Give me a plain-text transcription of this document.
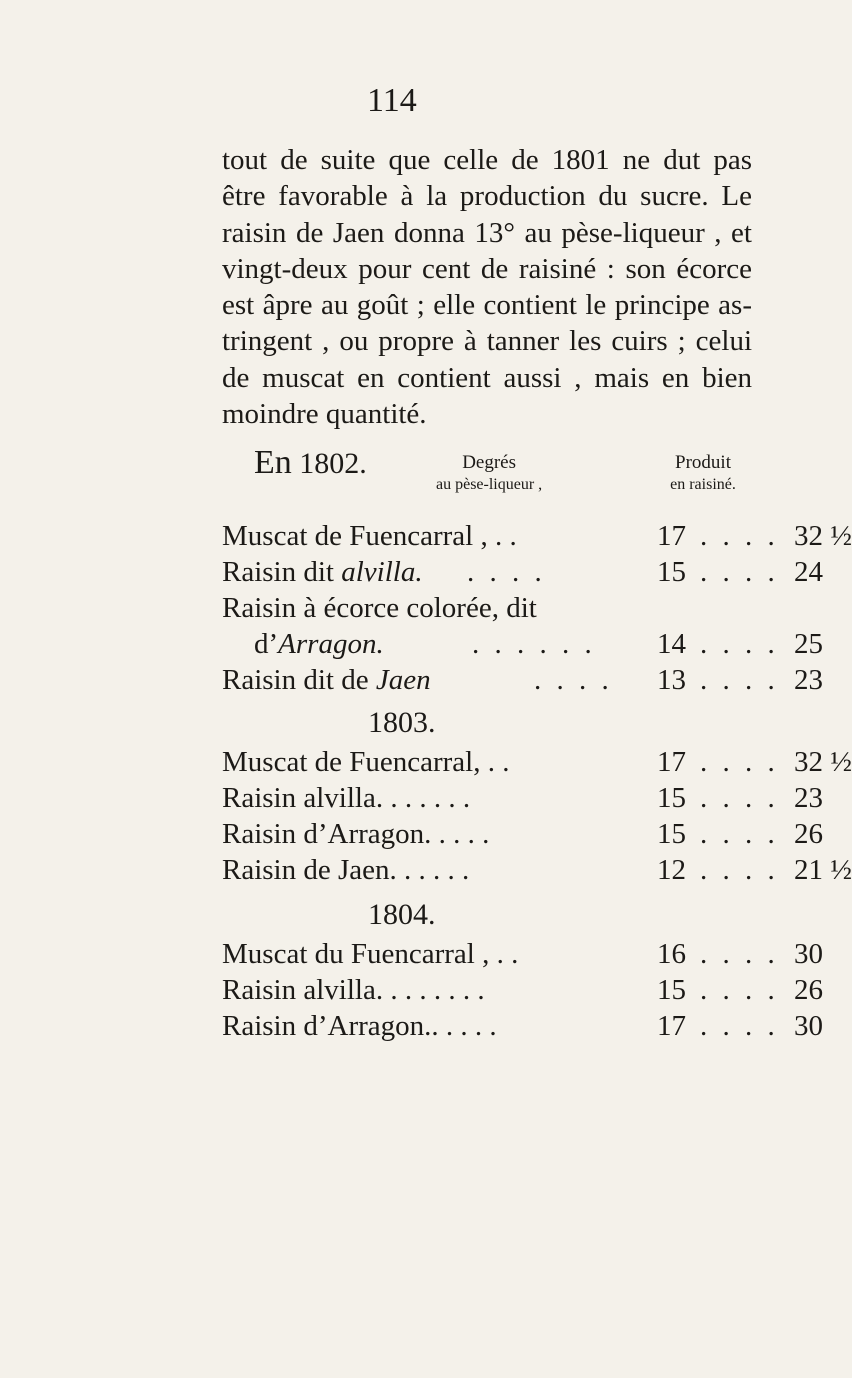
114
tout de suite que celle de 1801 ne dut pas
être favorable à la production du sucre. Le
raisin de Jaen donna 13° au pèse-liqueur , et
vingt-deux pour cent de raisiné : son écorce
est âpre au goût ; elle contient le principe as-
tringent , ou propre à tanner les cuirs ; celui
de muscat en contient aussi , mais en bien
moindre quantité.
En 1802.	Degrés
au pèse-liqueur ,
Produit
en raisiné.
Muscat de Fuencarral , . .	17 . . . . 32 ½
Raisin dit alvilla. . . . .	15 . . . . 24
Raisin à écorce colorée, dit
d’Arragon.	. . . . . . 14 . . . . 25
Raisin dit de Jaen	. . . . 13 . . . . 23
1803.
Muscat de Fuencarral, . .	17 . . . . 32 ½
Raisin alvilla. . . . . . .	15 . . . . 23
Raisin d’Arragon. . . . .	15 . . . . 26
Raisin de Jaen. . . . . .	12 . . . . 21 ½
1804.
Muscat du Fuencarral , . .	16 . . . . 30
Raisin alvilla. . . . . . . .	15 . . . . 26
Raisin d’Arragon.. . . . .	17 . . . . 30
